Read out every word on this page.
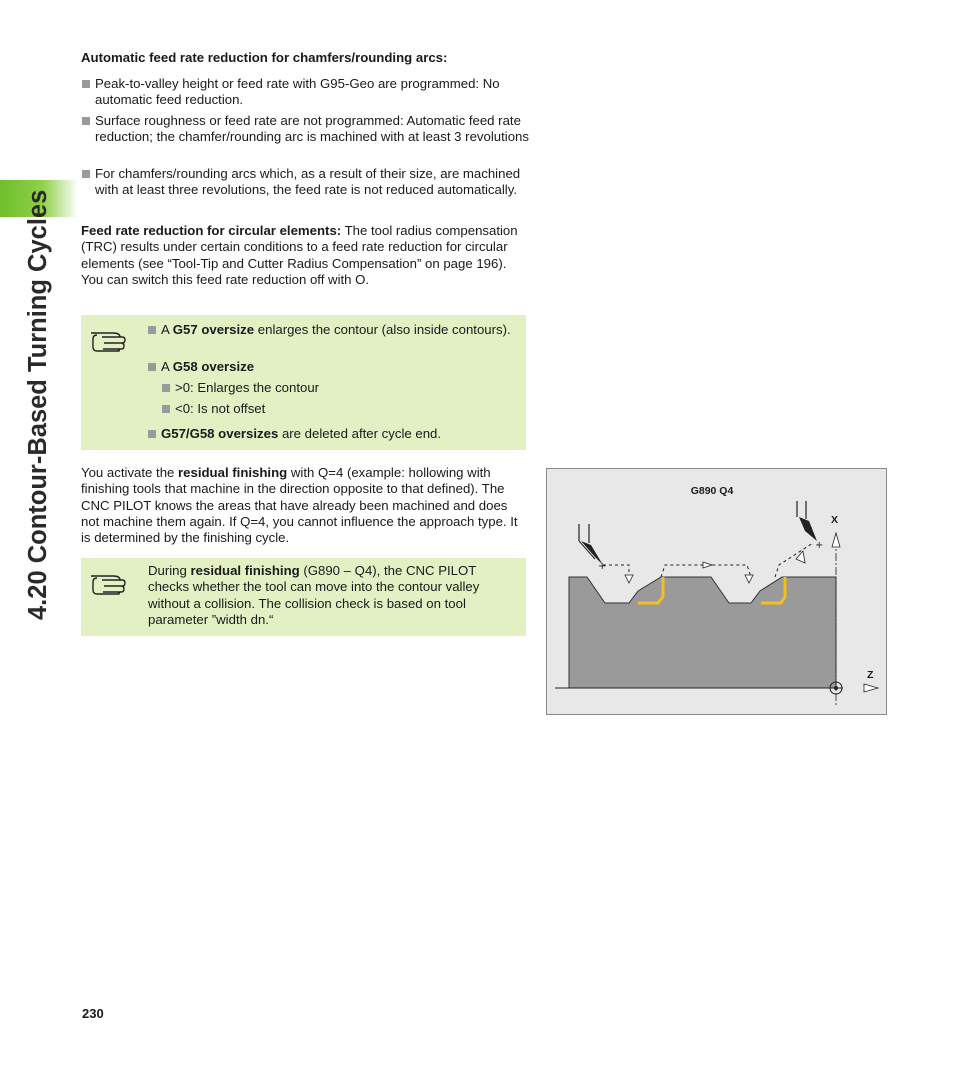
4.20 Contour-Based Turning Cycles
Automatic feed rate reduction for chamfers/rounding arcs:
Peak-to-valley height or feed rate with G95-Geo are programmed: No automatic feed reduction.
Surface roughness or feed rate are not programmed: Automatic feed rate reduction; the chamfer/rounding arc is machined with at least 3 revolutions
For chamfers/rounding arcs which, as a result of their size, are machined with at least three revolutions, the feed rate is not reduced automatically.
Feed rate reduction for circular elements: The tool radius compensation (TRC) results under certain conditions to a feed rate reduction for circular elements (see “Tool-Tip and Cutter Radius Compensation” on page 196). You can switch this feed rate reduction off with O.
A G57 oversize enlarges the contour (also inside contours).
A G58 oversize
>0: Enlarges the contour
<0: Is not offset
G57/G58 oversizes are deleted after cycle end.
You activate the residual finishing with Q=4 (example: hollowing with finishing tools that machine in the direction opposite to that defined). The CNC PILOT knows the areas that have already been machined and does not machine them again. If Q=4, you cannot influence the approach type. It is determined by the finishing cycle.
During residual finishing (G890 – Q4), the CNC PILOT checks whether the tool can move into the contour valley without a collision. The collision check is based on tool parameter ”width dn.“
G890 Q4
X
Z
+
+
230
